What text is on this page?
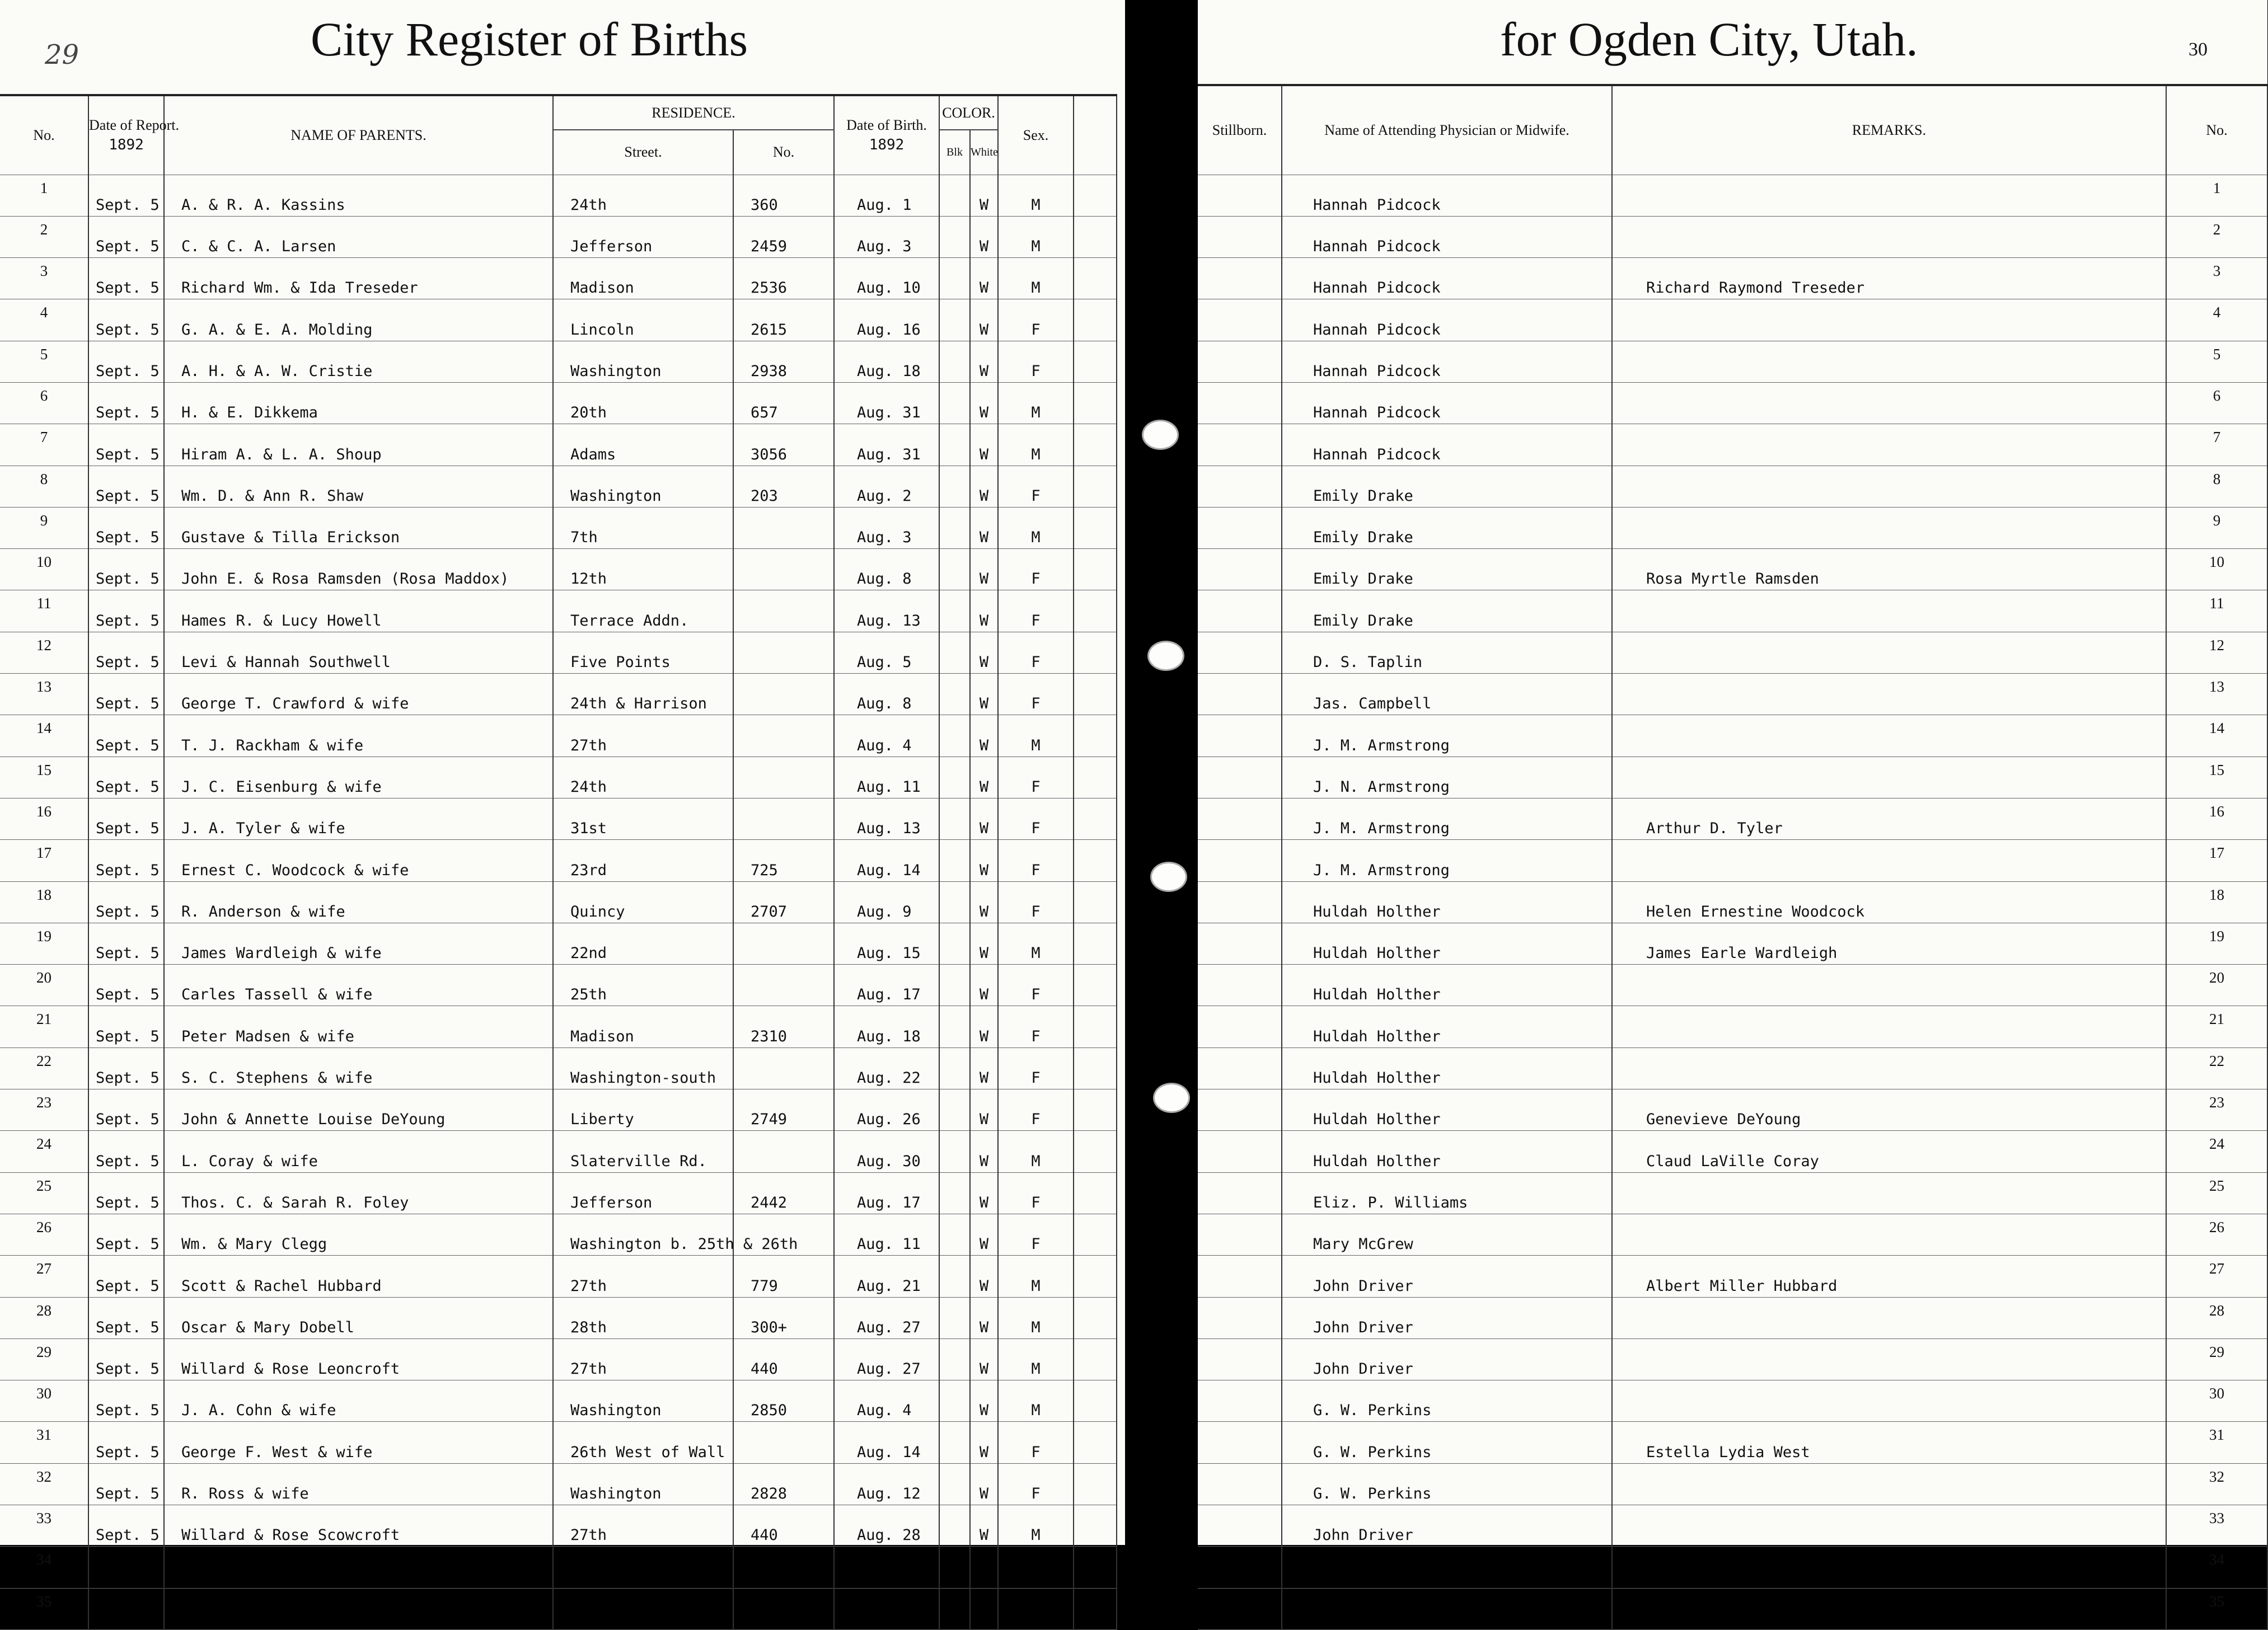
29	City Register of Births
No.	Date of Report.
1892	NAME OF PARENTS.	RESIDENCE.		Date of Birth.
1892	COLOR.		Sex.	
			Street.	No.		Blk	White		
1	Sept. 5	A. & R. A. Kassins	24th	360	Aug. 1		W	M	
2	Sept. 5	C. & C. A. Larsen	Jefferson	2459	Aug. 3		W	M	
3	Sept. 5	Richard Wm. & Ida Treseder	Madison	2536	Aug. 10		W	M	
4	Sept. 5	G. A. & E. A. Molding	Lincoln	2615	Aug. 16		W	F	
5	Sept. 5	A. H. & A. W. Cristie	Washington	2938	Aug. 18		W	F	
6	Sept. 5	H. & E. Dikkema	20th	657	Aug. 31		W	M	
7	Sept. 5	Hiram A. & L. A. Shoup	Adams	3056	Aug. 31		W	M	
8	Sept. 5	Wm. D. & Ann R. Shaw	Washington	203	Aug. 2		W	F	
9	Sept. 5	Gustave & Tilla Erickson	7th		Aug. 3		W	M	
10	Sept. 5	John E. & Rosa Ramsden (Rosa Maddox)	12th		Aug. 8		W	F	
11	Sept. 5	Hames R. & Lucy Howell	Terrace Addn.		Aug. 13		W	F	
12	Sept. 5	Levi & Hannah Southwell	Five Points		Aug. 5		W	F	
13	Sept. 5	George T. Crawford & wife	24th & Harrison		Aug. 8		W	F	
14	Sept. 5	T. J. Rackham & wife	27th		Aug. 4		W	M	
15	Sept. 5	J. C. Eisenburg & wife	24th		Aug. 11		W	F	
16	Sept. 5	J. A. Tyler & wife	31st		Aug. 13		W	F	
17	Sept. 5	Ernest C. Woodcock & wife	23rd	725	Aug. 14		W	F	
18	Sept. 5	R. Anderson & wife	Quincy	2707	Aug. 9		W	F	
19	Sept. 5	James Wardleigh & wife	22nd		Aug. 15		W	M	
20	Sept. 5	Carles Tassell & wife	25th		Aug. 17		W	F	
21	Sept. 5	Peter Madsen & wife	Madison	2310	Aug. 18		W	F	
22	Sept. 5	S. C. Stephens & wife	Washington-south		Aug. 22		W	F	
23	Sept. 5	John & Annette Louise DeYoung	Liberty	2749	Aug. 26		W	F	
24	Sept. 5	L. Coray & wife	Slaterville Rd.		Aug. 30		W	M	
25	Sept. 5	Thos. C. & Sarah R. Foley	Jefferson	2442	Aug. 17		W	F	
26	Sept. 5	Wm. & Mary Clegg	Washington b. 25th & 26th		Aug. 11		W	F	
27	Sept. 5	Scott & Rachel Hubbard	27th	779	Aug. 21		W	M	
28	Sept. 5	Oscar & Mary Dobell	28th	300+	Aug. 27		W	M	
29	Sept. 5	Willard & Rose Leoncroft	27th	440	Aug. 27		W	M	
30	Sept. 5	J. A. Cohn & wife	Washington	2850	Aug. 4		W	M	
31	Sept. 5	George F. West & wife	26th West of Wall		Aug. 14		W	F	
32	Sept. 5	R. Ross & wife	Washington	2828	Aug. 12		W	F	
33	Sept. 5	Willard & Rose Scowcroft	27th	440	Aug. 28		W	M	
34									
35									
for Ogden City, Utah.	30
Stillborn.	Name of Attending Physician or Midwife.	REMARKS.	No.
	Hannah Pidcock		1
	Hannah Pidcock		2
	Hannah Pidcock	Richard Raymond Treseder	3
	Hannah Pidcock		4
	Hannah Pidcock		5
	Hannah Pidcock		6
	Hannah Pidcock		7
	Emily Drake		8
	Emily Drake		9
	Emily Drake	Rosa Myrtle Ramsden	10
	Emily Drake		11
	D. S. Taplin		12
	Jas. Campbell		13
	J. M. Armstrong		14
	J. N. Armstrong		15
	J. M. Armstrong	Arthur D. Tyler	16
	J. M. Armstrong		17
	Huldah Holther	Helen Ernestine Woodcock	18
	Huldah Holther	James Earle Wardleigh	19
	Huldah Holther		20
	Huldah Holther		21
	Huldah Holther		22
	Huldah Holther	Genevieve DeYoung	23
	Huldah Holther	Claud LaVille Coray	24
	Eliz. P. Williams		25
	Mary McGrew		26
	John Driver	Albert Miller Hubbard	27
	John Driver		28
	John Driver		29
	G. W. Perkins		30
	G. W. Perkins	Estella Lydia West	31
	G. W. Perkins		32
	John Driver		33
			34
			35
